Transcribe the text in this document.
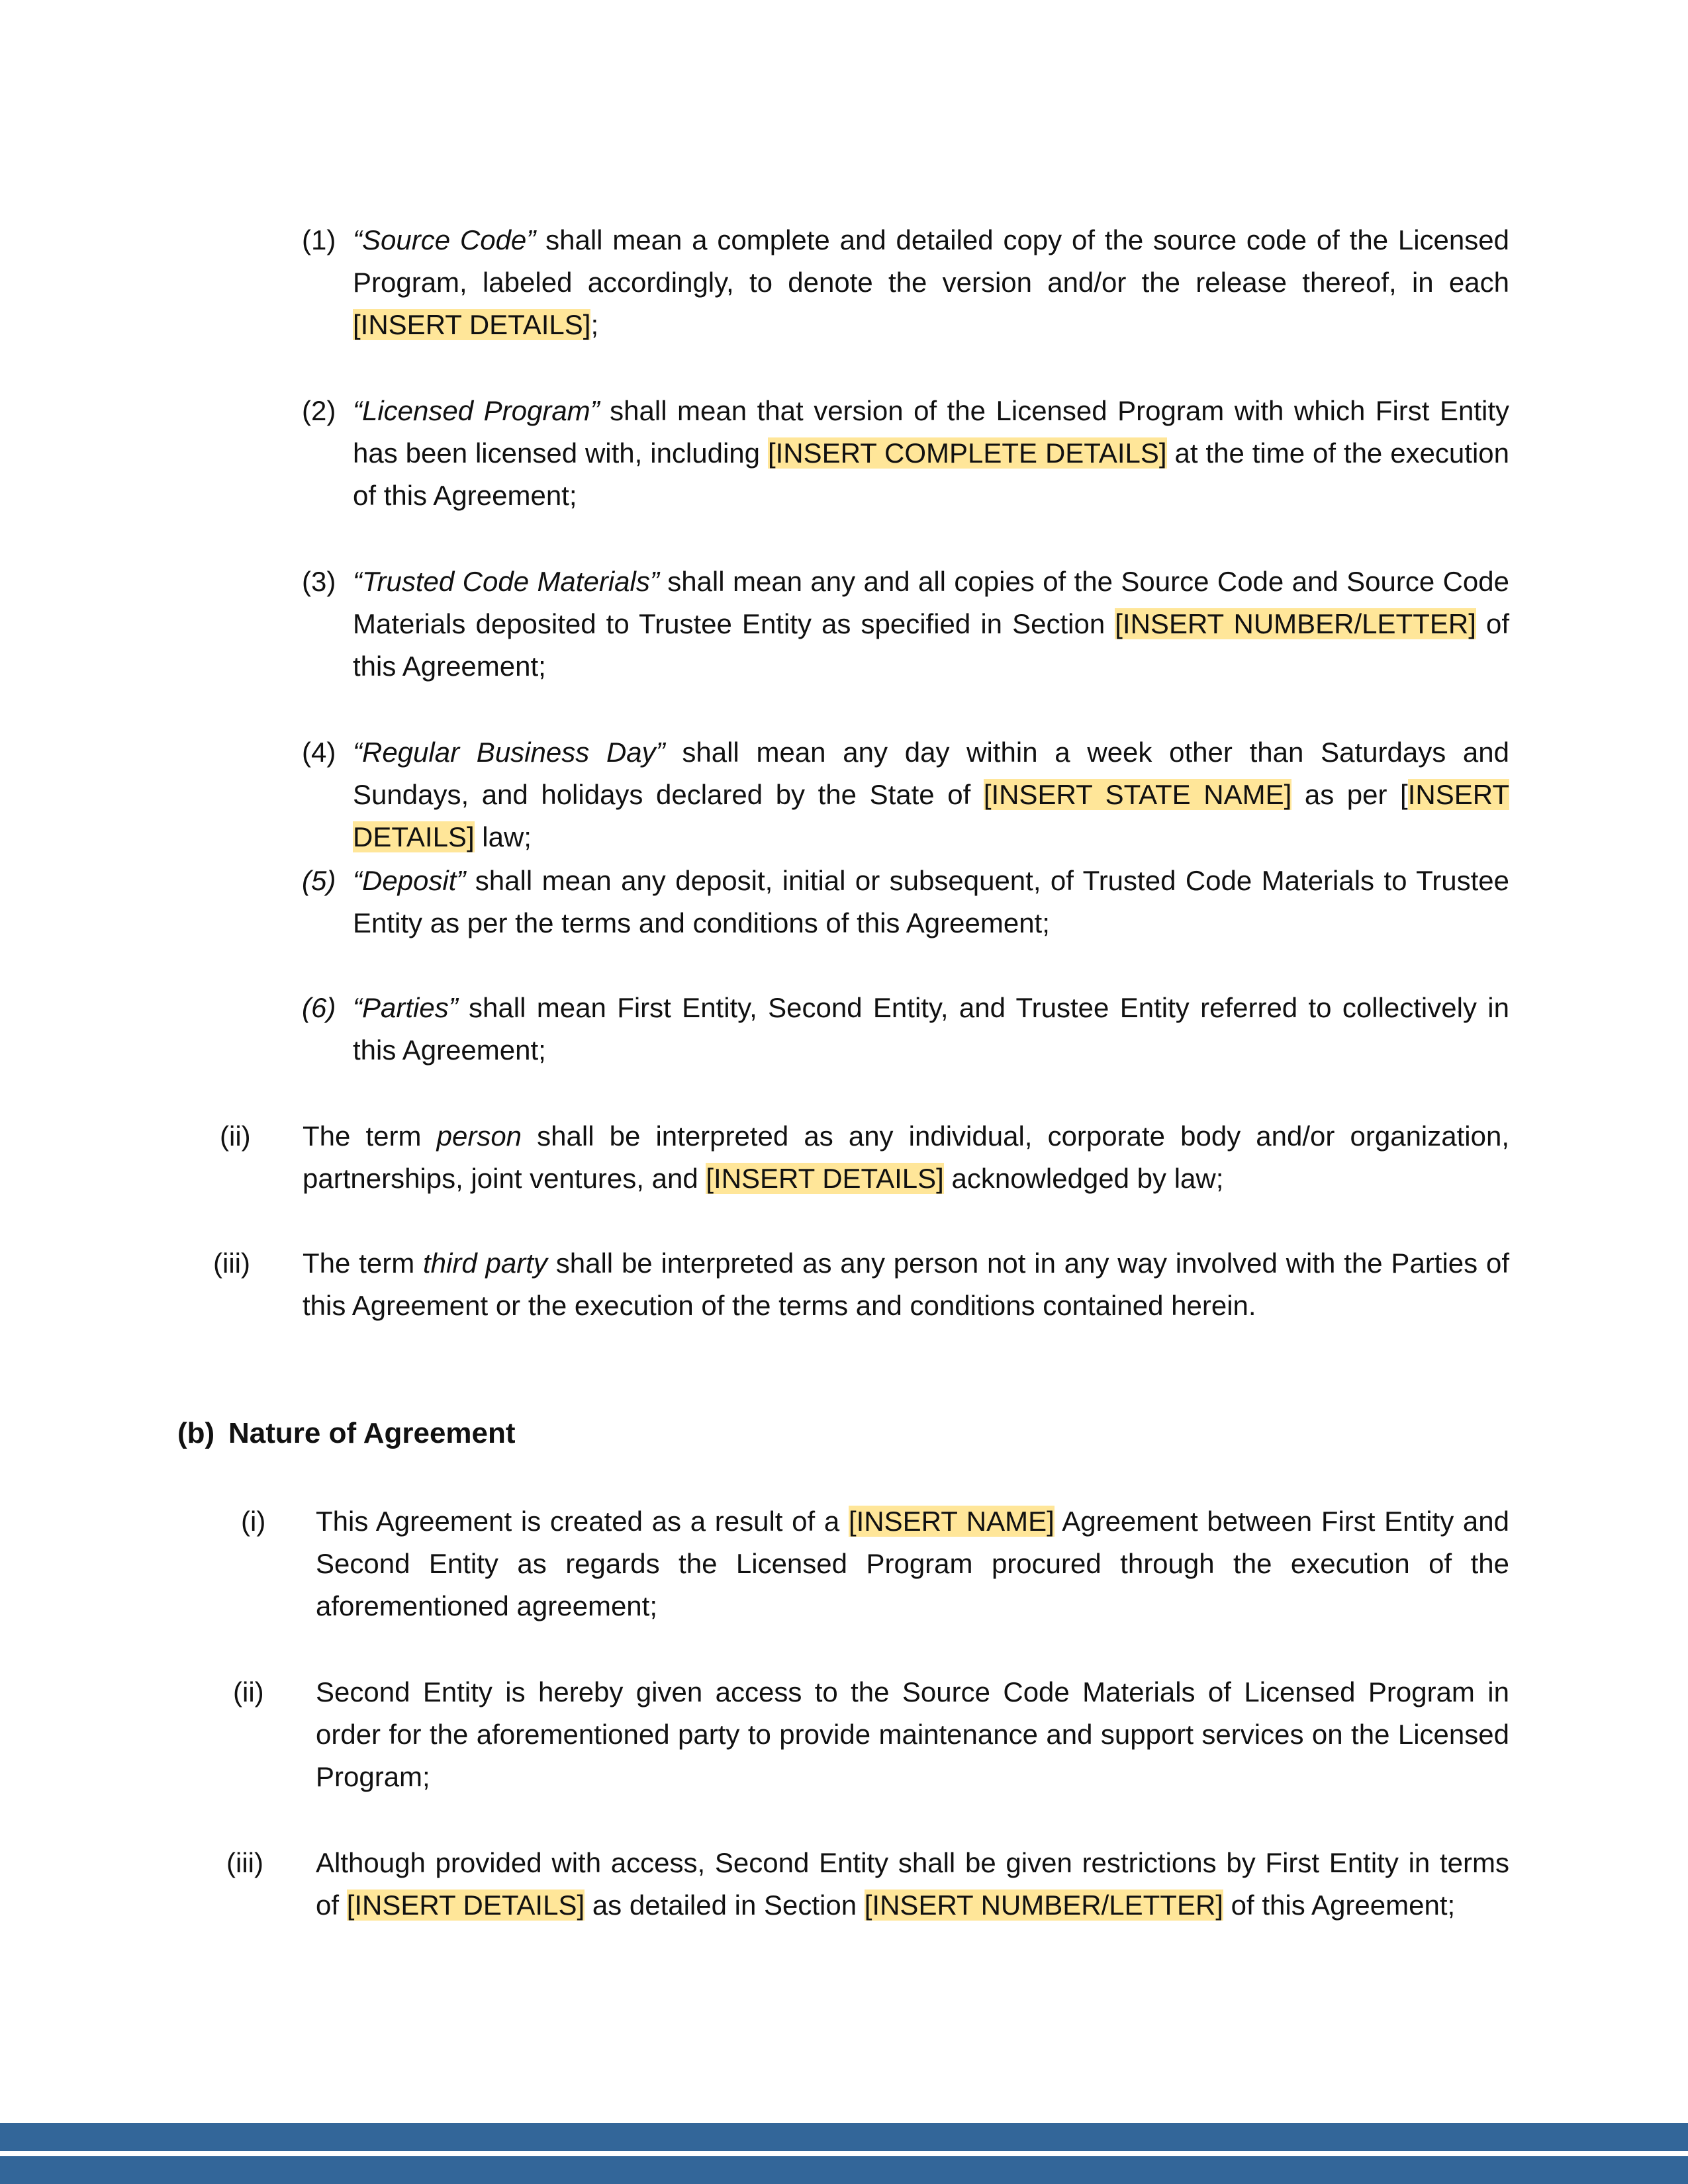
(1) “Source Code” shall mean a complete and detailed copy of the source code of the Licensed Program, labeled accordingly, to denote the version and/or the release thereof, in each [INSERT DETAILS];
(2) “Licensed Program” shall mean that version of the Licensed Program with which First Entity has been licensed with, including [INSERT COMPLETE DETAILS] at the time of the execution of this Agreement;
(3) “Trusted Code Materials” shall mean any and all copies of the Source Code and Source Code Materials deposited to Trustee Entity as specified in Section [INSERT NUMBER/LETTER] of this Agreement;
(4) “Regular Business Day” shall mean any day within a week other than Saturdays and Sundays, and holidays declared by the State of [INSERT STATE NAME] as per [INSERT DETAILS] law;
(5) “Deposit” shall mean any deposit, initial or subsequent, of Trusted Code Materials to Trustee Entity as per the terms and conditions of this Agreement;
(6) “Parties” shall mean First Entity, Second Entity, and Trustee Entity referred to collectively in this Agreement;
(ii) The term person shall be interpreted as any individual, corporate body and/or organization, partnerships, joint ventures, and [INSERT DETAILS] acknowledged by law;
(iii) The term third party shall be interpreted as any person not in any way involved with the Parties of this Agreement or the execution of the terms and conditions contained herein.
(b) Nature of Agreement
(i) This Agreement is created as a result of a [INSERT NAME] Agreement between First Entity and Second Entity as regards the Licensed Program procured through the execution of the aforementioned agreement;
(ii) Second Entity is hereby given access to the Source Code Materials of Licensed Program in order for the aforementioned party to provide maintenance and support services on the Licensed Program;
(iii) Although provided with access, Second Entity shall be given restrictions by First Entity in terms of [INSERT DETAILS] as detailed in Section [INSERT NUMBER/LETTER] of this Agreement;
